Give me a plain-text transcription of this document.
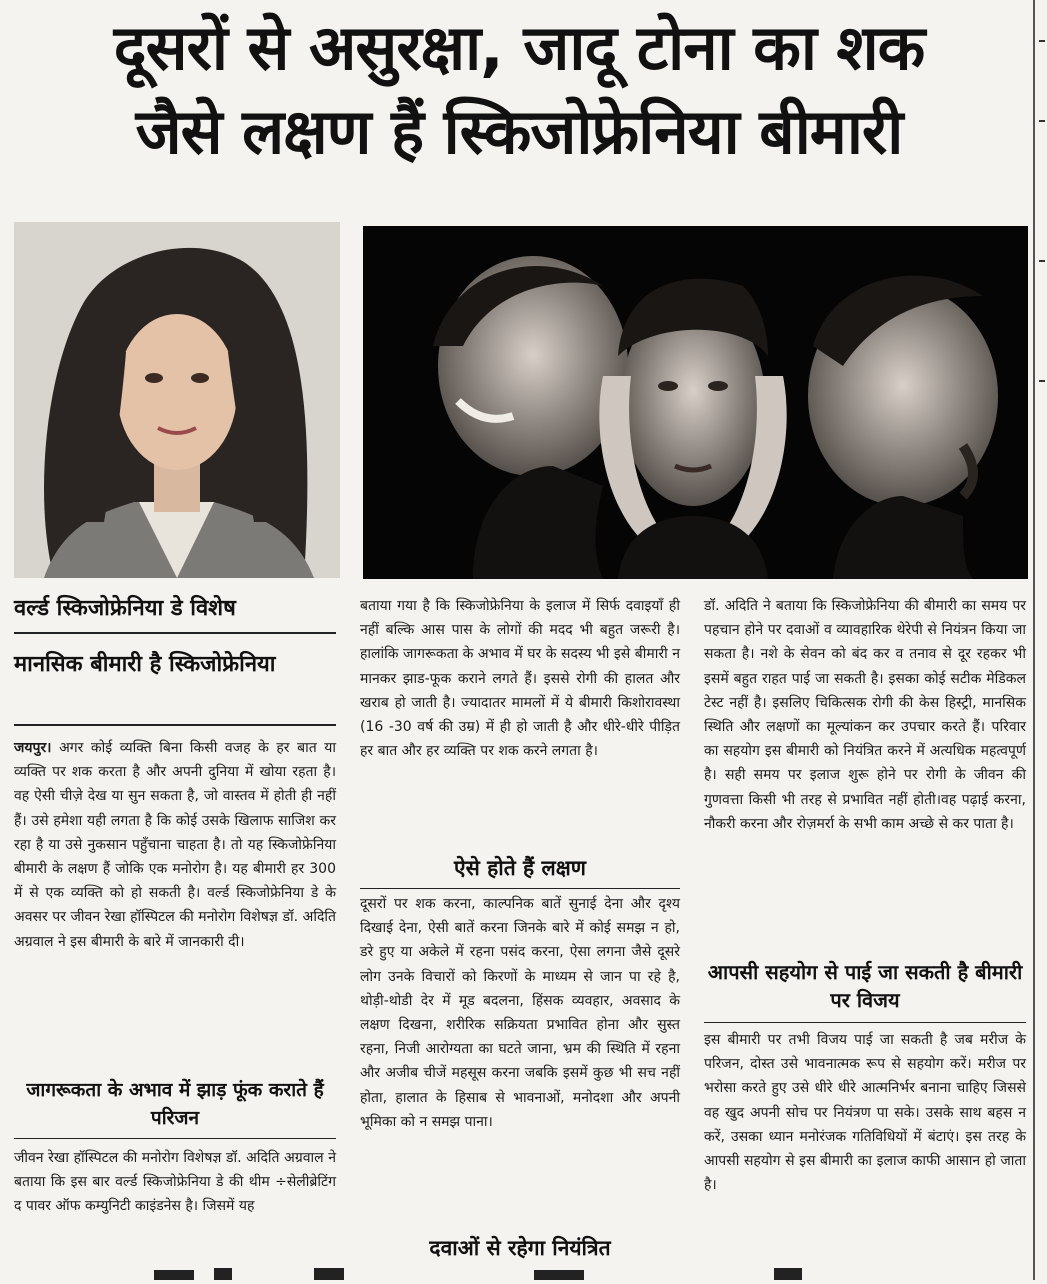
दूसरों से असुरक्षा, जादू टोना का शक
जैसे लक्षण हैं स्किजोफ्रेनिया बीमारी
वर्ल्ड स्किजोफ्रेनिया डे विशेष
मानसिक बीमारी है स्किजोफ्रेनिया

जयपुर। अगर कोई व्यक्ति बिना किसी वजह के हर बात या व्यक्ति पर शक करता है और अपनी दुनिया में खोया रहता है। वह ऐसी चीजे़ देख या सुन सकता है, जो वास्तव में होती ही नहीं हैं। उसे हमेशा यही लगता है कि कोई उसके खिलाफ साजिश कर रहा है या उसे नुकसान पहुँचाना चाहता है। तो यह स्किजोफ्रेनिया बीमारी के लक्षण हैं जोकि एक मनोरोग है। यह बीमारी हर 300 में से एक व्यक्ति को हो सकती है। वर्ल्ड स्किजोफ्रेनिया डे के अवसर पर जीवन रेखा हॉस्पिटल की मनोरोग विशेषज्ञ डॉ. अदिति अग्रवाल ने इस बीमारी के बारे में जानकारी दी।

जागरूकता के अभाव में झाड़ फूंक कराते हैं परिजन

जीवन रेखा हॉस्पिटल की मनोरोग विशेषज्ञ डॉ. अदिति अग्रवाल ने बताया कि इस बार वर्ल्ड स्किजोफ्रेनिया डे की थीम ÷सेलीब्रेटिंग द पावर ऑफ कम्युनिटी काइंडनेस है। जिसमें यह

बताया गया है कि स्किजोफ्रेनिया के इलाज में सिर्फ दवाइयाँ ही नहीं बल्कि आस पास के लोगों की मदद भी बहुत जरूरी है। हालांकि जागरूकता के अभाव में घर के सदस्य भी इसे बीमारी न मानकर झाड-फूक कराने लगते हैं। इससे रोगी की हालत और खराब हो जाती है। ज्यादातर मामलों में ये बीमारी किशोरावस्था (16 -30 वर्ष की उम्र) में ही हो जाती है और धीरे-धीरे पीड़ित हर बात और हर व्यक्ति पर शक करने लगता है।

ऐसे होते हैं लक्षण

दूसरों पर शक करना, काल्पनिक बातें सुनाई देना और दृश्य दिखाई देना, ऐसी बातें करना जिनके बारे में कोई समझ न हो, डरे हुए या अकेले में रहना पसंद करना, ऐसा लगना जैसे दूसरे लोग उनके विचारों को किरणों के माध्यम से जान पा रहे है, थोड़ी-थोडी देर में मूड बदलना, हिंसक व्यवहार, अवसाद के लक्षण दिखना, शरीरिक सक्रियता प्रभावित होना और सुस्त रहना, निजी आरोग्यता का घटते जाना, भ्रम की स्थिति में रहना और अजीब चीजें महसूस करना जबकि इसमें कुछ भी सच नहीं होता, हालात के हिसाब से भावनाओं, मनोदशा और अपनी भूमिका को न समझ पाना।

दवाओं से रहेगा नियंत्रित

डॉ. अदिति ने बताया कि स्किजोफ्रेनिया की बीमारी का समय पर पहचान होने पर दवाओं व व्यावहारिक थेरेपी से नियंत्रन किया जा सकता है। नशे के सेवन को बंद कर व तनाव से दूर रहकर भी इसमें बहुत राहत पाई जा सकती है। इसका कोई सटीक मेडिकल टेस्ट नहीं है। इसलिए चिकित्सक रोगी की केस हिस्ट्री, मानसिक स्थिति और लक्षणों का मूल्यांकन कर उपचार करते हैं। परिवार का सहयोग इस बीमारी को नियंत्रित करने में अत्यधिक महत्वपूर्ण है। सही समय पर इलाज शुरू होने पर रोगी के जीवन की गुणवत्ता किसी भी तरह से प्रभावित नहीं होती।वह पढ़ाई करना, नौकरी करना और रोज़मर्रा के सभी काम अच्छे से कर पाता है।

आपसी सहयोग से पाई जा सकती है बीमारी पर विजय

इस बीमारी पर तभी विजय पाई जा सकती है जब मरीज के परिजन, दोस्त उसे भावनात्मक रूप से सहयोग करें। मरीज पर भरोसा करते हुए उसे धीरे धीरे आत्मनिर्भर बनाना चाहिए जिससे वह खुद अपनी सोच पर नियंत्रण पा सके। उसके साथ बहस न करें, उसका ध्यान मनोरंजक गतिविधियों में बंटाएं। इस तरह के आपसी सहयोग से इस बीमारी का इलाज काफी आसान हो जाता है।
